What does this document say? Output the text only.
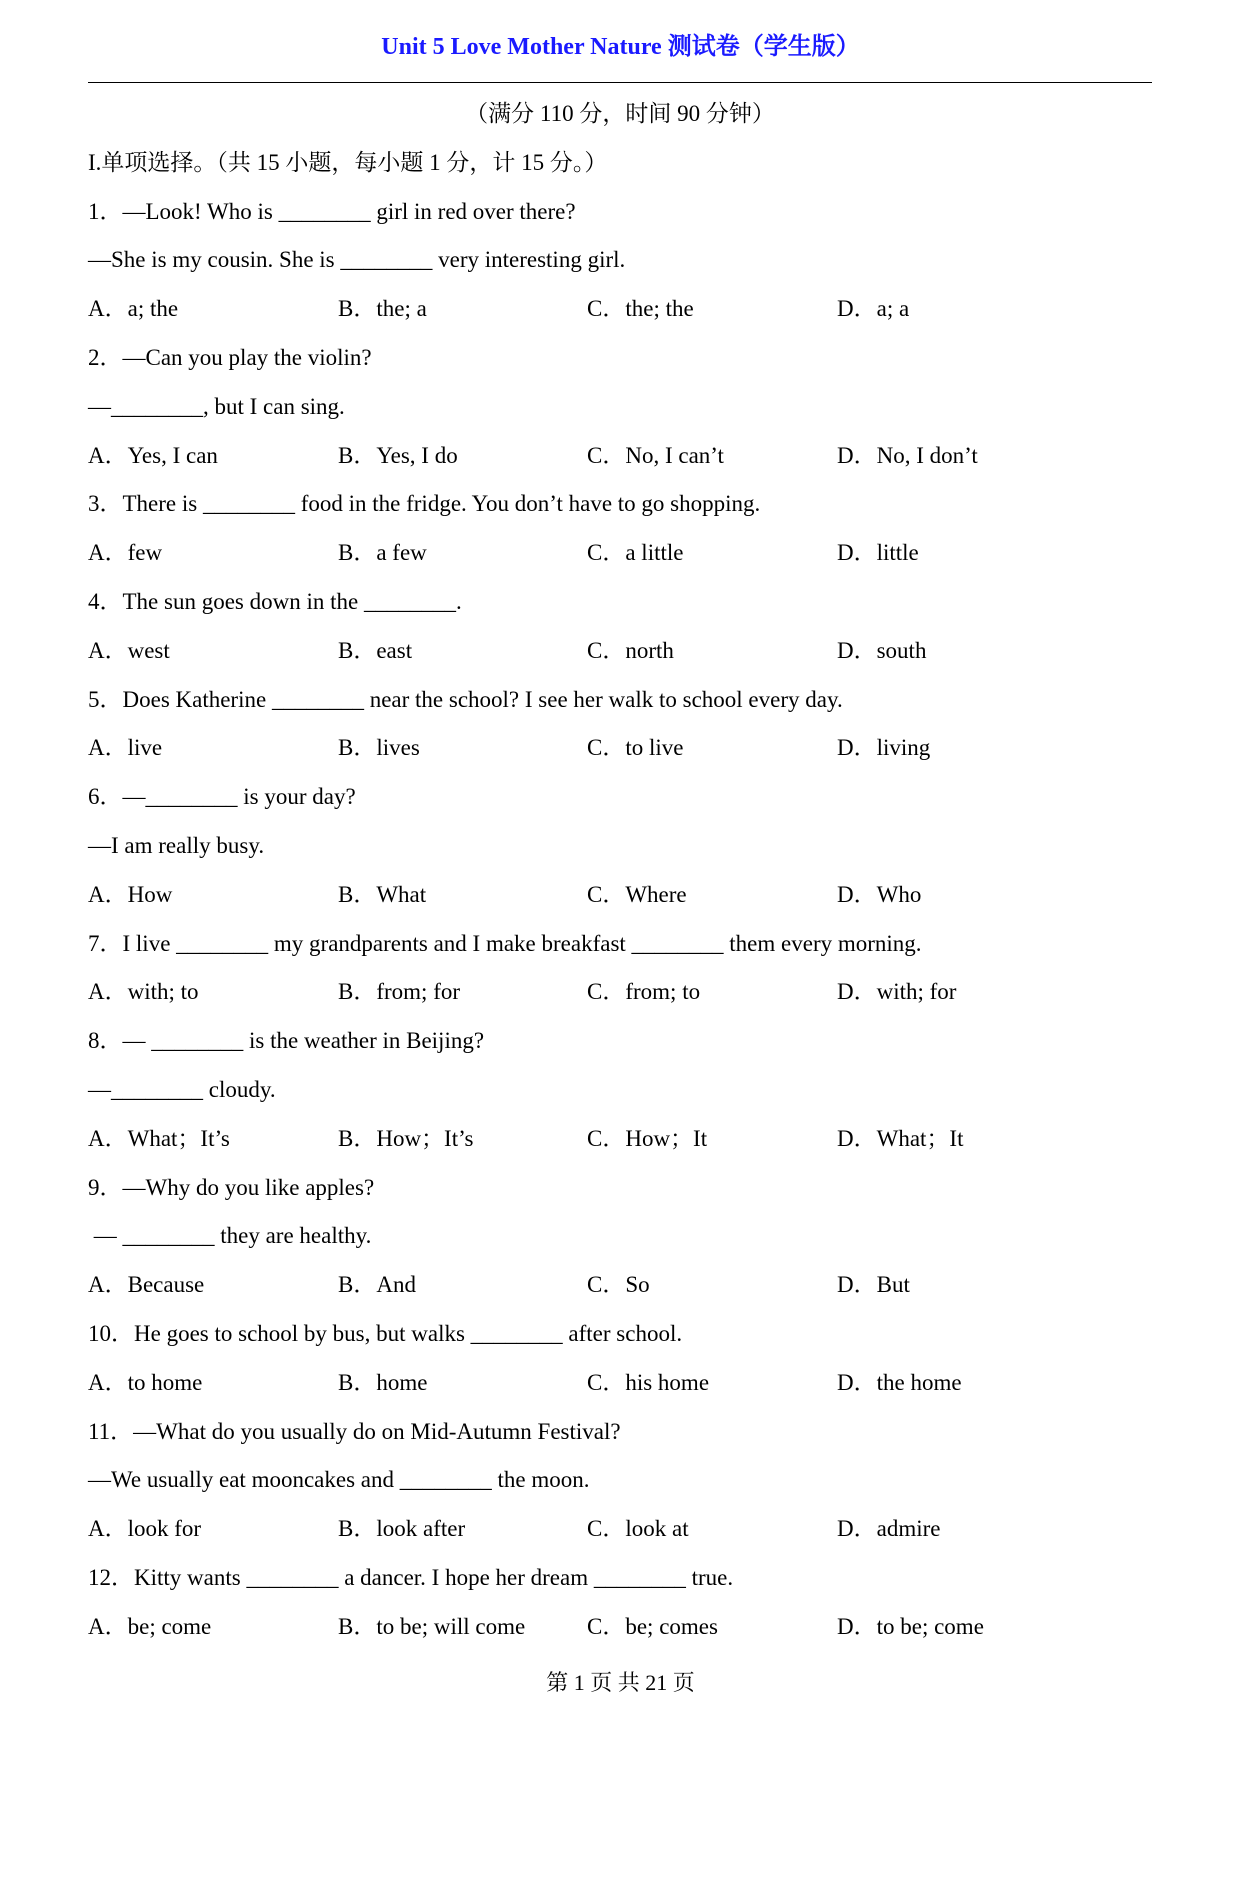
Unit 5 Love Mother Nature 测试卷（学生版）
（满分 110 分，时间 90 分钟）
I.单项选择。（共 15 小题，每小题 1 分，计 15 分。）
1．—Look! Who is ________ girl in red over there?
—She is my cousin. She is ________ very interesting girl.

A．a; the

	B．the; a

	C．the; the

	D．a; a

2．—Can you play the violin?
—________, but I can sing.

A．Yes, I can

	B．Yes, I do

	C．No, I can’t

	D．No, I don’t

3．There is ________ food in the fridge. You don’t have to go shopping.

A．few

	B．a few

	C．a little

	D．little

4．The sun goes down in the ________.

A．west

	B．east

	C．north

	D．south

5．Does Katherine ________ near the school? I see her walk to school every day.

A．live

	B．lives

	C．to live

	D．living

6．—________ is your day?
—I am really busy.

A．How

	B．What

	C．Where

	D．Who

7．I live ________ my grandparents and I make breakfast ________ them every morning.

A．with; to

	B．from; for

	C．from; to

	D．with; for

8．— ________ is the weather in Beijing?
—________ cloudy.

A．What；It’s

	B．How；It’s

	C．How；It

	D．What；It

9．—Why do you like apples?
— ________ they are healthy.

A．Because

	B．And

	C．So

	D．But

10．He goes to school by bus, but walks ________ after school.

A．to home

	B．home

	C．his home

	D．the home

11．—What do you usually do on Mid-Autumn Festival?
—We usually eat mooncakes and ________ the moon.

A．look for

	B．look after

	C．look at

	D．admire

12．Kitty wants ________ a dancer. I hope her dream ________ true.

A．be; come

	B．to be; will come

	C．be; comes

	D．to be; come

第 1 页 共 21 页
